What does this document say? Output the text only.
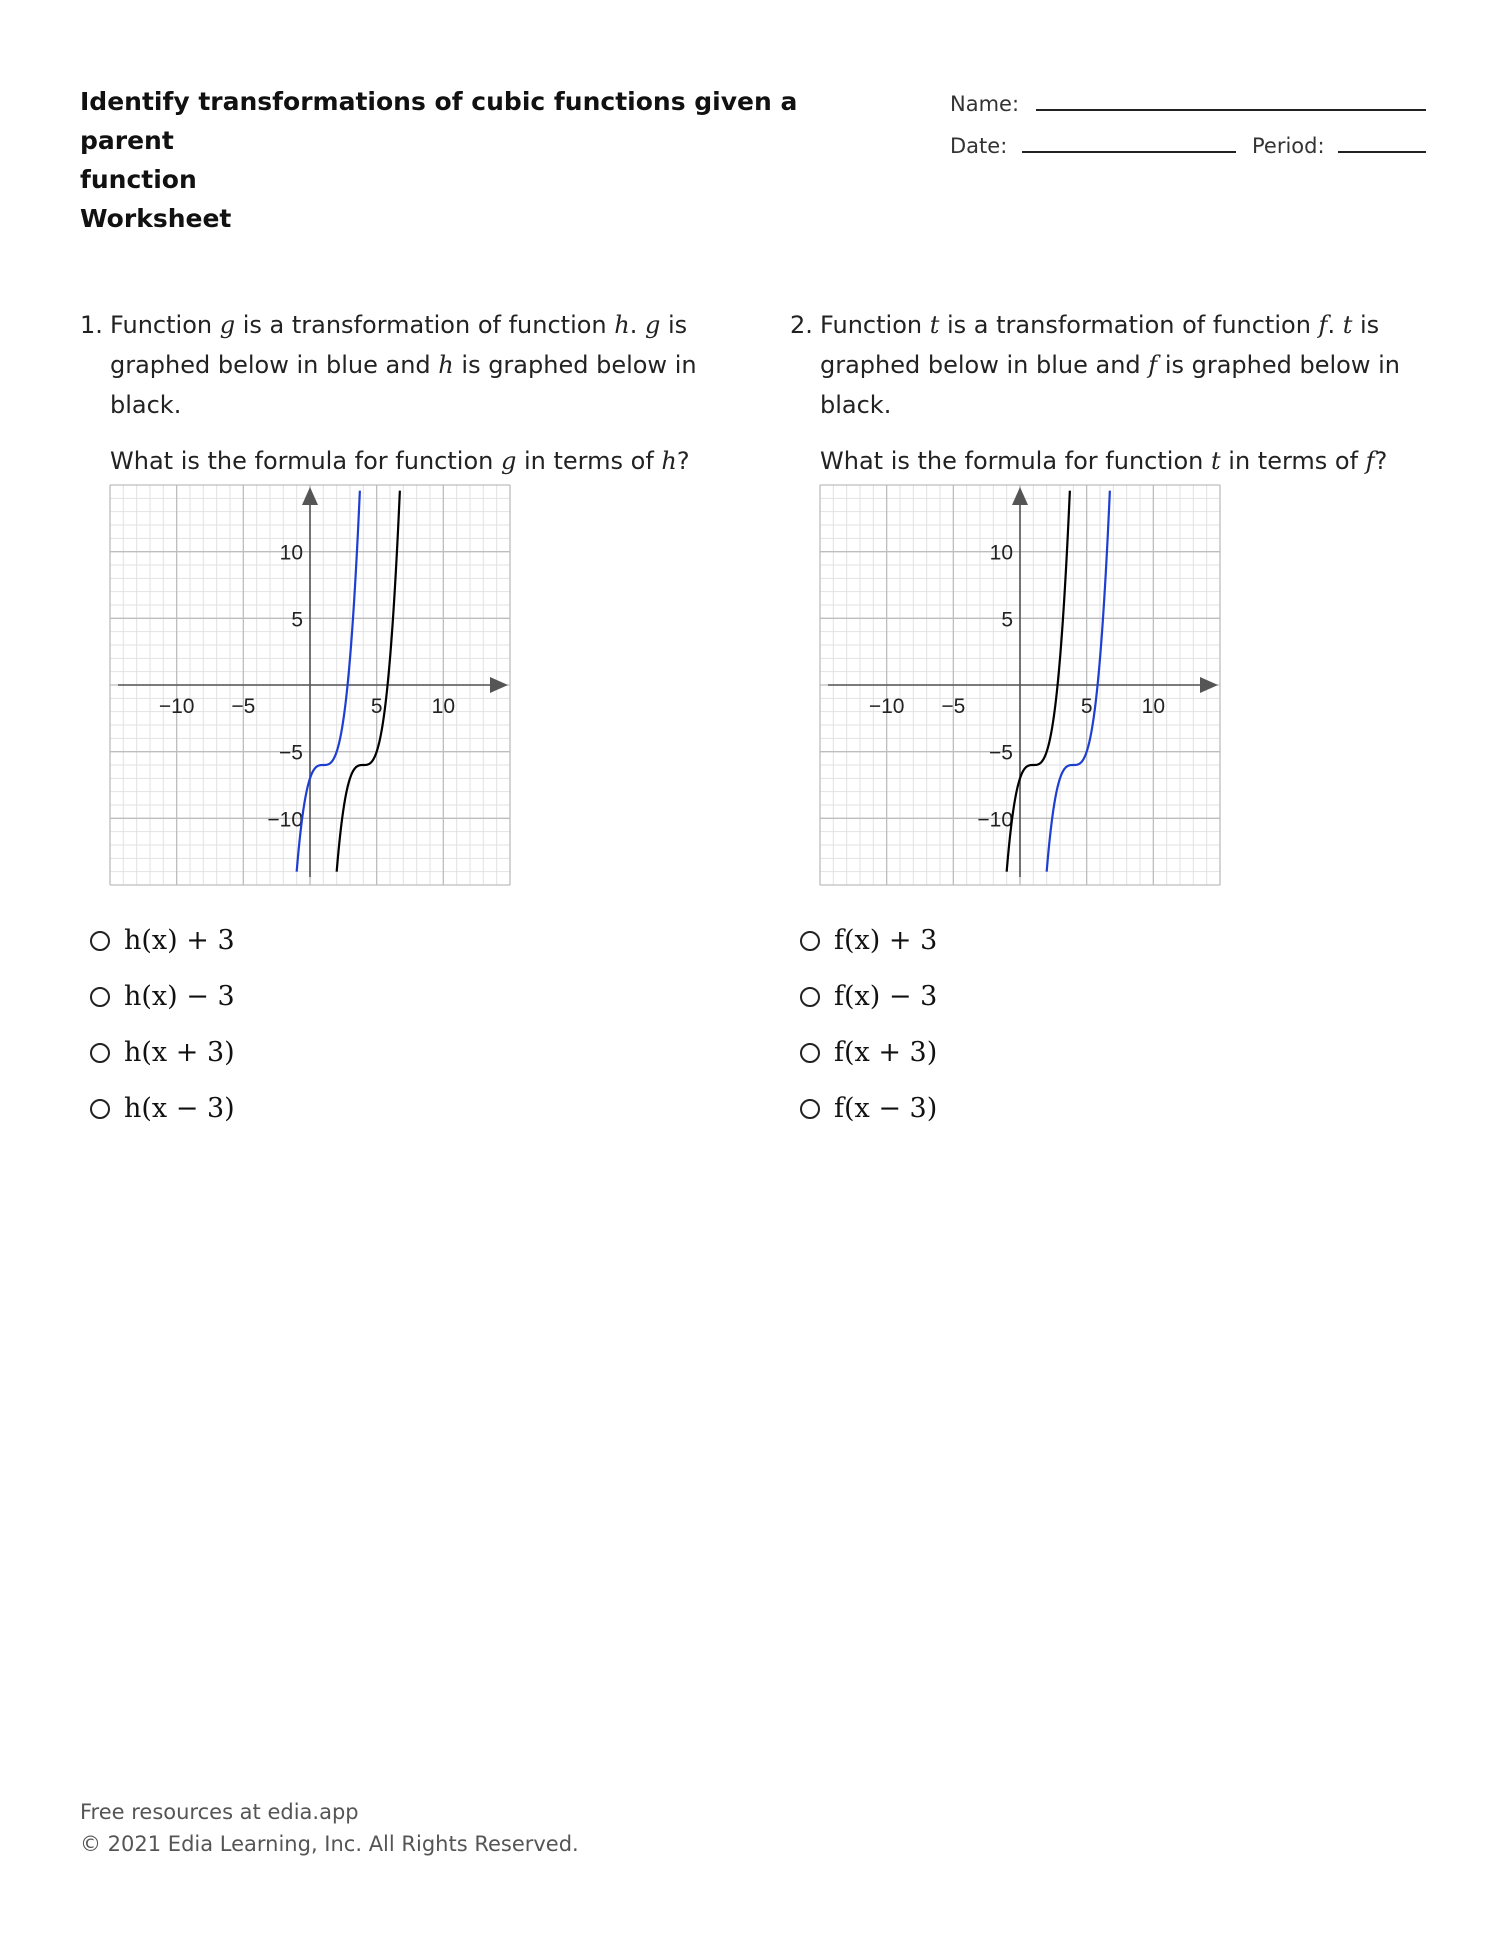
Identify transformations of cubic functions given a parent
function
Worksheet
Name:
Date:	Period:
1. Function g is a transformation of function h. g is graphed below in blue and h is graphed below in black.
What is the formula for function g in terms of h?
−10 −5	5 10
10
5
−5
−10
h(x) + 3
h(x) − 3
h(x + 3)
h(x − 3)
2. Function t is a transformation of function f. t is graphed below in blue and f is graphed below in black.
What is the formula for function t in terms of f?
−10 −5	5 10
10
5
−5
−10
f(x) + 3
f(x) − 3
f(x + 3)
f(x − 3)
Free resources at edia.app
© 2021 Edia Learning, Inc. All Rights Reserved.
